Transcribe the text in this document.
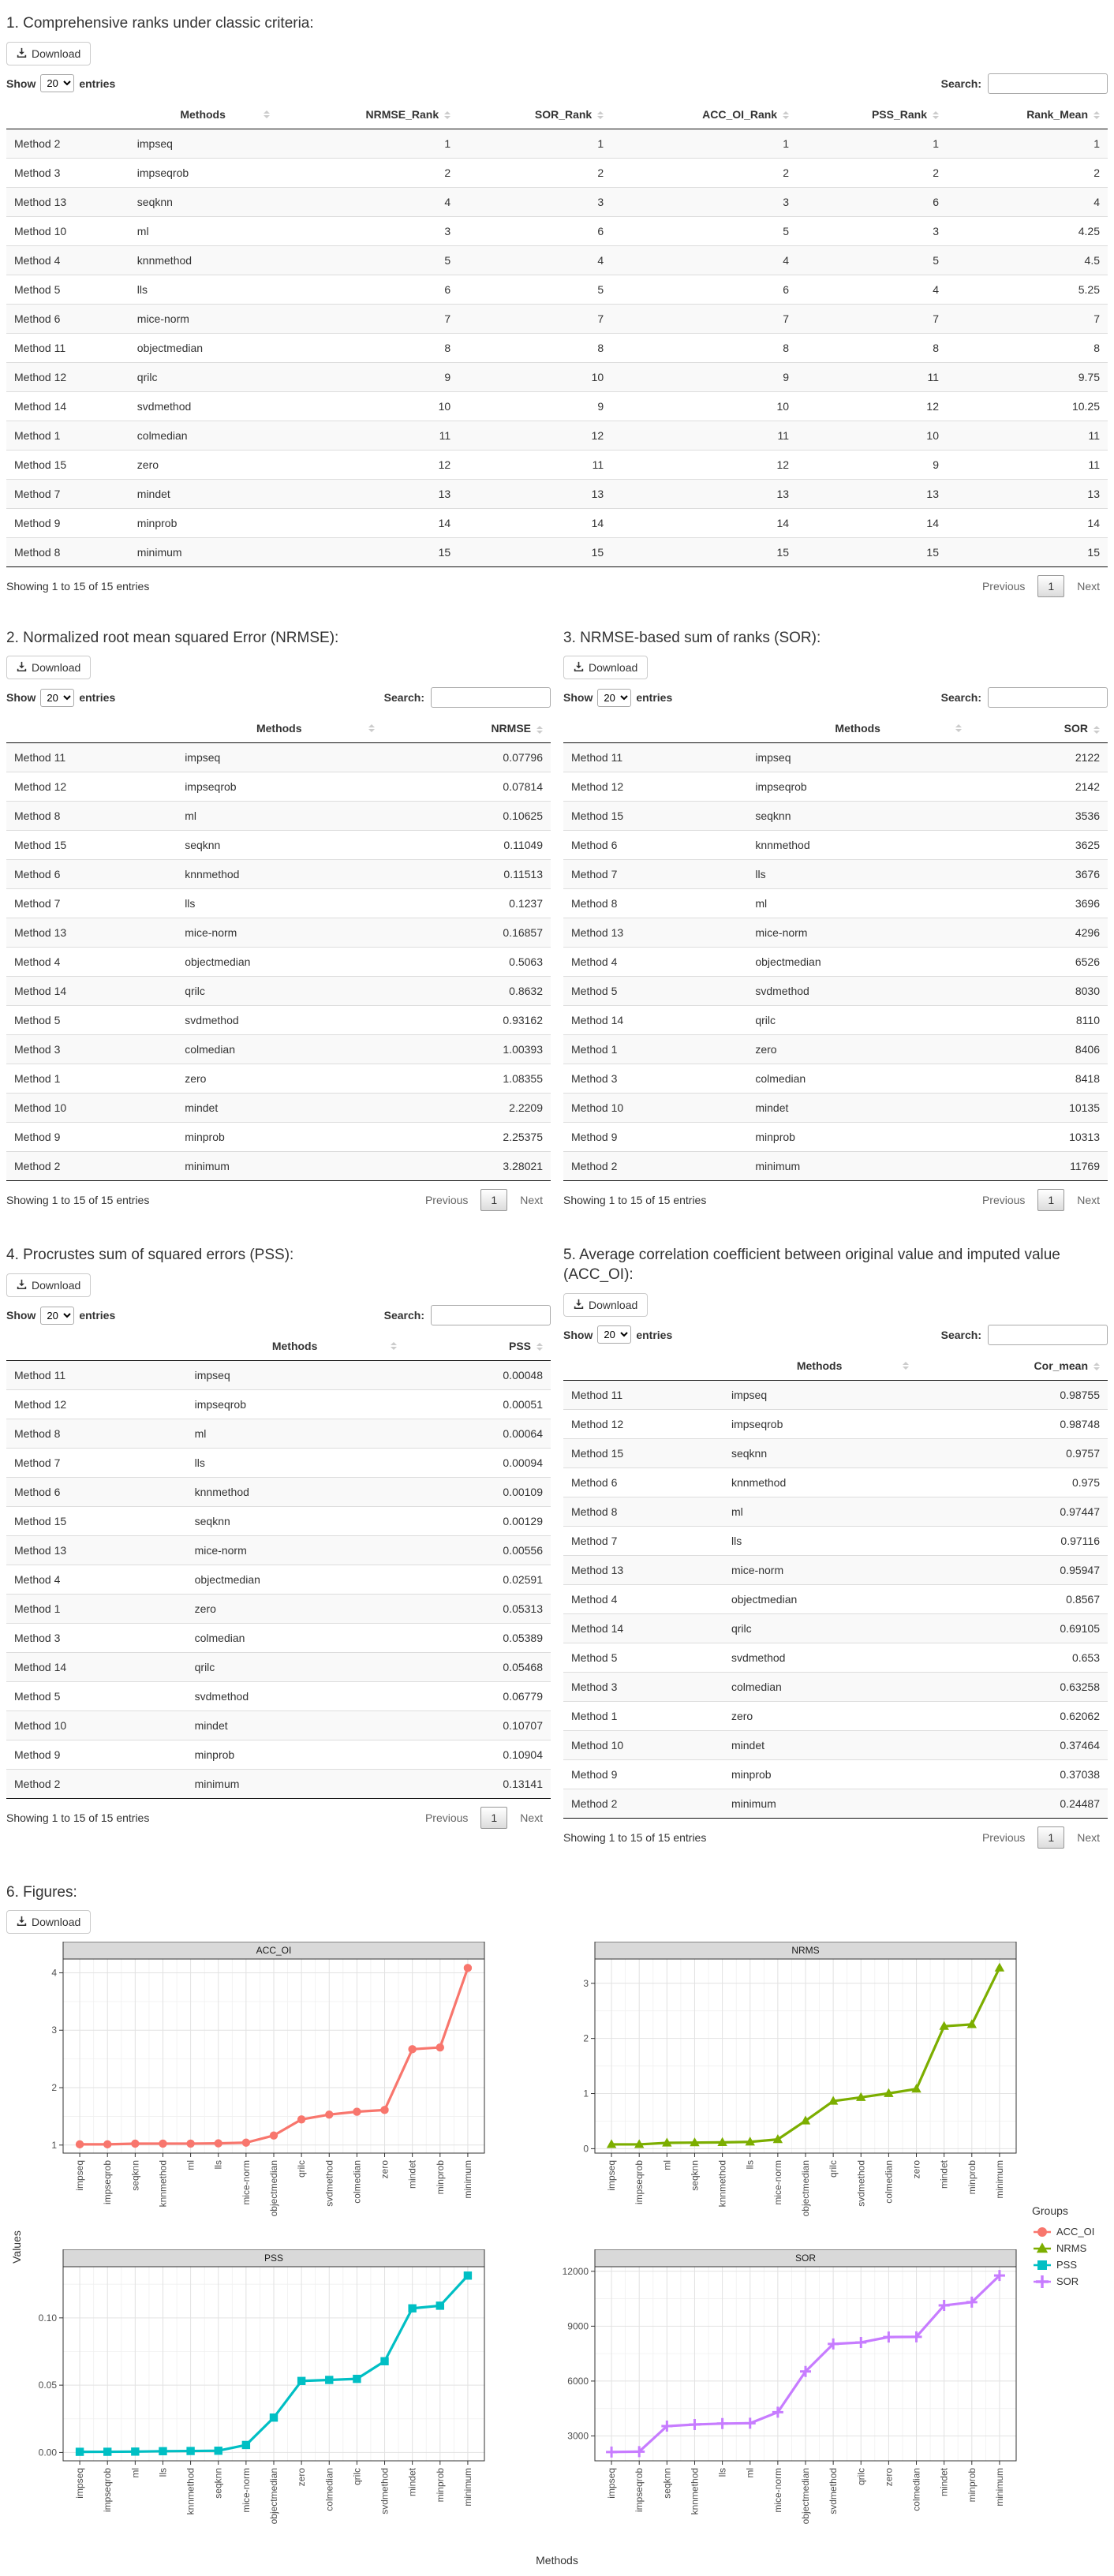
1. Comprehensive ranks under classic criteria:
Download
Show
20	entries	Search:
	Methods	NRMSE_Rank	SOR_Rank	ACC_OI_Rank	PSS_Rank	Rank_Mean

Method 2	impseq	1	1	1	1	1
Method 3	impseqrob	2	2	2	2	2
Method 13	seqknn	4	3	3	6	4
Method 10	ml	3	6	5	3	4.25
Method 4	knnmethod	5	4	4	5	4.5
Method 5	lls	6	5	6	4	5.25
Method 6	mice-norm	7	7	7	7	7
Method 11	objectmedian	8	8	8	8	8
Method 12	qrilc	9	10	9	11	9.75
Method 14	svdmethod	10	9	10	12	10.25
Method 1	colmedian	11	12	11	10	11
Method 15	zero	12	11	12	9	11
Method 7	mindet	13	13	13	13	13
Method 9	minprob	14	14	14	14	14
Method 8	minimum	15	15	15	15	15
Showing 1 to 15 of 15 entries	Previous	1	Next
2. Normalized root mean squared Error (NRMSE):
Download
Show
20	entries	Search:
	Methods	NRMSE

Method 11	impseq	0.07796
Method 12	impseqrob	0.07814
Method 8	ml	0.10625
Method 15	seqknn	0.11049
Method 6	knnmethod	0.11513
Method 7	lls	0.1237
Method 13	mice-norm	0.16857
Method 4	objectmedian	0.5063
Method 14	qrilc	0.8632
Method 5	svdmethod	0.93162
Method 3	colmedian	1.00393
Method 1	zero	1.08355
Method 10	mindet	2.2209
Method 9	minprob	2.25375
Method 2	minimum	3.28021
Showing 1 to 15 of 15 entries	Previous	1	Next
3. NRMSE-based sum of ranks (SOR):
Download
Show
20	entries	Search:
	Methods	SOR

Method 11	impseq	2122
Method 12	impseqrob	2142
Method 15	seqknn	3536
Method 6	knnmethod	3625
Method 7	lls	3676
Method 8	ml	3696
Method 13	mice-norm	4296
Method 4	objectmedian	6526
Method 5	svdmethod	8030
Method 14	qrilc	8110
Method 1	zero	8406
Method 3	colmedian	8418
Method 10	mindet	10135
Method 9	minprob	10313
Method 2	minimum	11769
Showing 1 to 15 of 15 entries	Previous	1	Next
4. Procrustes sum of squared errors (PSS):
Download
Show
20	entries	Search:
	Methods	PSS

Method 11	impseq	0.00048
Method 12	impseqrob	0.00051
Method 8	ml	0.00064
Method 7	lls	0.00094
Method 6	knnmethod	0.00109
Method 15	seqknn	0.00129
Method 13	mice-norm	0.00556
Method 4	objectmedian	0.02591
Method 1	zero	0.05313
Method 3	colmedian	0.05389
Method 14	qrilc	0.05468
Method 5	svdmethod	0.06779
Method 10	mindet	0.10707
Method 9	minprob	0.10904
Method 2	minimum	0.13141
Showing 1 to 15 of 15 entries	Previous	1	Next
5. Average correlation coefficient between original value and imputed value (ACC_OI):
Download
Show
20	entries	Search:
	Methods	Cor_mean

Method 11	impseq	0.98755
Method 12	impseqrob	0.98748
Method 15	seqknn	0.9757
Method 6	knnmethod	0.975
Method 8	ml	0.97447
Method 7	lls	0.97116
Method 13	mice-norm	0.95947
Method 4	objectmedian	0.8567
Method 14	qrilc	0.69105
Method 5	svdmethod	0.653
Method 3	colmedian	0.63258
Method 1	zero	0.62062
Method 10	mindet	0.37464
Method 9	minprob	0.37038
Method 2	minimum	0.24487
Showing 1 to 15 of 15 entries	Previous	1	Next
6. Figures:
Download
Values
ACC_OI
1
2
3
4
impseq impseqrob seqknn knnmethod ml lls mice-norm objectmedian qrilc svdmethod colmedian zero mindet minprob minimum
NRMS
0
1
2
3
impseq impseqrob ml seqknn knnmethod lls mice-norm objectmedian qrilc svdmethod colmedian zero mindet minprob minimum
PSS
0.00
0.05
0.10
impseq impseqrob ml lls knnmethod seqknn mice-norm objectmedian zero colmedian qrilc svdmethod mindet minprob minimum
SOR
3000
6000
9000
12000
impseq impseqrob seqknn knnmethod lls ml mice-norm objectmedian svdmethod qrilc zero colmedian mindet minprob minimum
Groups
ACC_OI
NRMS
PSS
SOR
Methods
